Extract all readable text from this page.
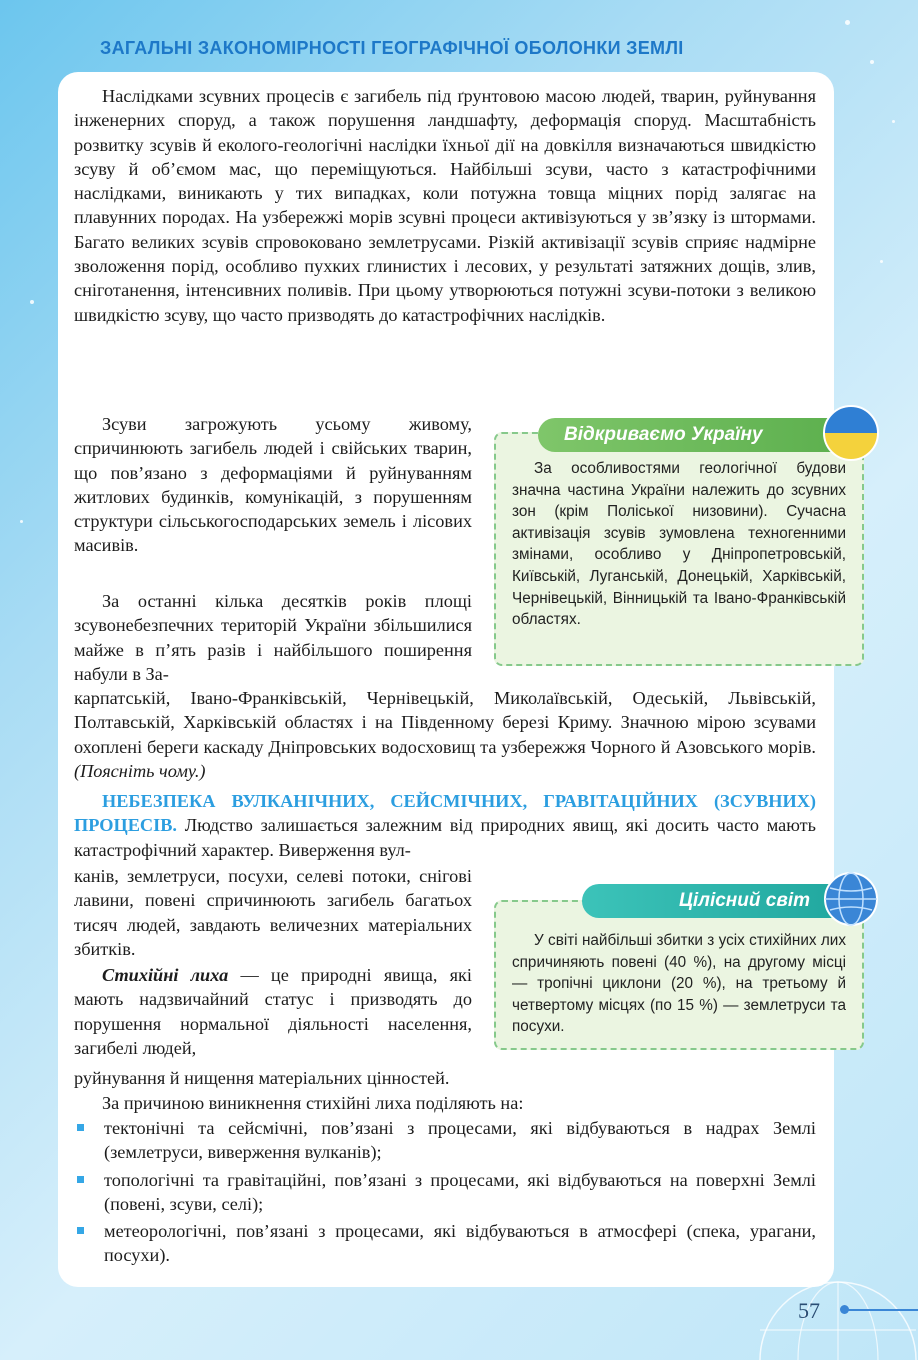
ЗАГАЛЬНІ ЗАКОНОМІРНОСТІ ГЕОГРАФІЧНОЇ ОБОЛОНКИ ЗЕМЛІ

Наслідками зсувних процесів є загибель під ґрунтовою масою людей, тварин, руйнування інженерних споруд, а також порушення ландшафту, деформація споруд. Масштабність розвитку зсувів й еколого-геологічні наслідки їхньої дії на довкілля визначаються швидкістю зсуву й об’ємом мас, що переміщуються. Найбільші зсуви, часто з катастрофічними наслідками, виникають у тих випадках, коли потужна товща міцних порід залягає на плавунних породах. На узбережжі морів зсувні процеси активізуються у зв’язку із штормами. Багато великих зсувів спровоковано землетрусами. Різкій активізації зсувів сприяє надмірне зволоження порід, особливо пухких глинистих і лесових, у результаті затяжних дощів, злив, сніготанення, інтенсивних поливів. При цьому утворюються потужні зсуви-потоки з великою швидкістю зсуву, що часто призводять до катастрофічних наслідків.

Зсуви загрожують усьому живому, спричинюють загибель людей і свійських тварин, що пов’язано з деформаціями й руйнуванням житлових будинків, комунікацій, з порушенням структури сільськогосподарських земель і лісових масивів.

За останні кілька десятків років площі зсувонебезпечних територій України збільшилися майже в п’ять разів і найбільшого поширення набули в За-

карпатській, Івано-Франківській, Чернівецькій, Миколаївській, Одеській, Львівській, Полтавській, Харківській областях і на Південному березі Криму. Значною мірою зсувами охоплені береги каскаду Дніпровських водосховищ та узбережжя Чорного й Азовського морів. (Поясніть чому.)

НЕБЕЗПЕКА ВУЛКАНІЧНИХ, СЕЙСМІЧНИХ, ГРАВІТАЦІЙНИХ (ЗСУВНИХ) ПРОЦЕСІВ. Людство залишається залежним від природних явищ, які досить часто мають катастрофічний характер. Виверження вул-

канів, землетруси, посухи, селеві потоки, снігові лавини, повені спричинюють загибель багатьох тисяч людей, завдають величезних матеріальних збитків.

Стихійні лиха — це природні явища, які мають надзвичайний статус і призводять до порушення нормальної діяльності населення, загибелі людей,

руйнування й нищення матеріальних цінностей.

За причиною виникнення стихійні лиха поділяють на:

тектонічні та сейсмічні, пов’язані з процесами, які відбуваються в надрах Землі (землетруси, виверження вулканів);
топологічні та гравітаційні, пов’язані з процесами, які відбуваються на поверхні Землі (повені, зсуви, селі);
метеорологічні, пов’язані з процесами, які відбуваються в атмосфері (спека, урагани, посухи).

За особливостями геологічної будови значна частина України належить до зсувних зон (крім Поліської низовини). Сучасна активізація зсувів зумовлена техногенними змінами, особливо у Дніпропетровській, Київській, Луганській, Донецькій, Харківській, Чернівецькій, Вінницькій та Івано-Франківській областях.

Відкриваємо Україну

У світі найбільші збитки з усіх стихійних лих спричиняють повені (40 %), на другому місці — тропічні циклони (20 %), на третьому й четвертому місцях (по 15 %) — землетруси та посухи.

Цілісний світ
57
